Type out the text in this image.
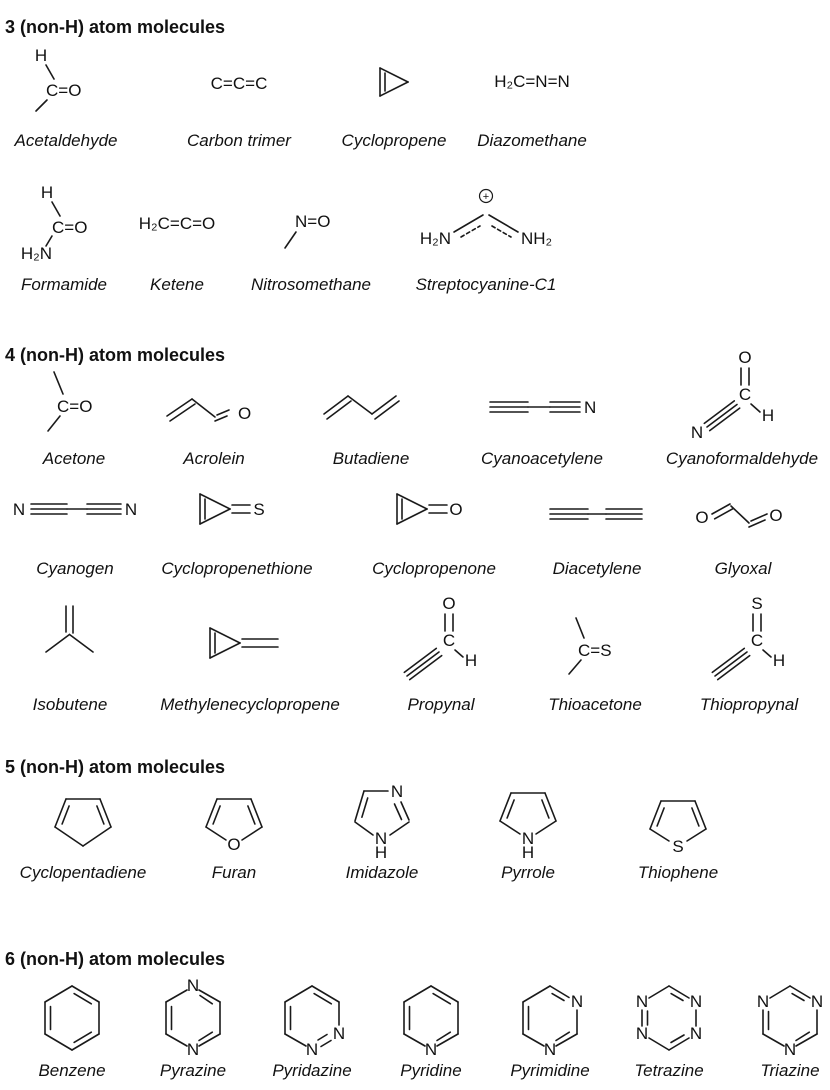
3 (non-H) atom molecules
4 (non-H) atom molecules
5 (non-H) atom molecules
6 (non-H) atom molecules
H
C=O
Acetaldehyde
C=C=C
Carbon trimer	Cyclopropene
H₂C=N=N
Diazomethane
H
C=O
H₂N
Formamide
H₂C=C=O
Ketene
N=O
Nitrosomethane
+
H₂N	NH₂
Streptocyanine-C1
C=O
Acetone
O
Acrolein	Butadiene
N
Cyanoacetylene
O
C
H
N
Cyanoformaldehyde
N	N
Cyanogen
S
Cyclopropenethione
O
Cyclopropenone	Diacetylene
O	O
Glyoxal
Isobutene	Methylenecyclopropene
O
C
H
Propynal
C=S
Thioacetone
S
C
H
Thiopropynal
Cyclopentadiene
O
Furan
N
N
H
Imidazole
N
H
Pyrrole
S
Thiophene
Benzene
N
N
Pyrazine
N
N
Pyridazine
N
Pyridine
N
N
Pyrimidine
N N
N N
Tetrazine
N N
N
Triazine
